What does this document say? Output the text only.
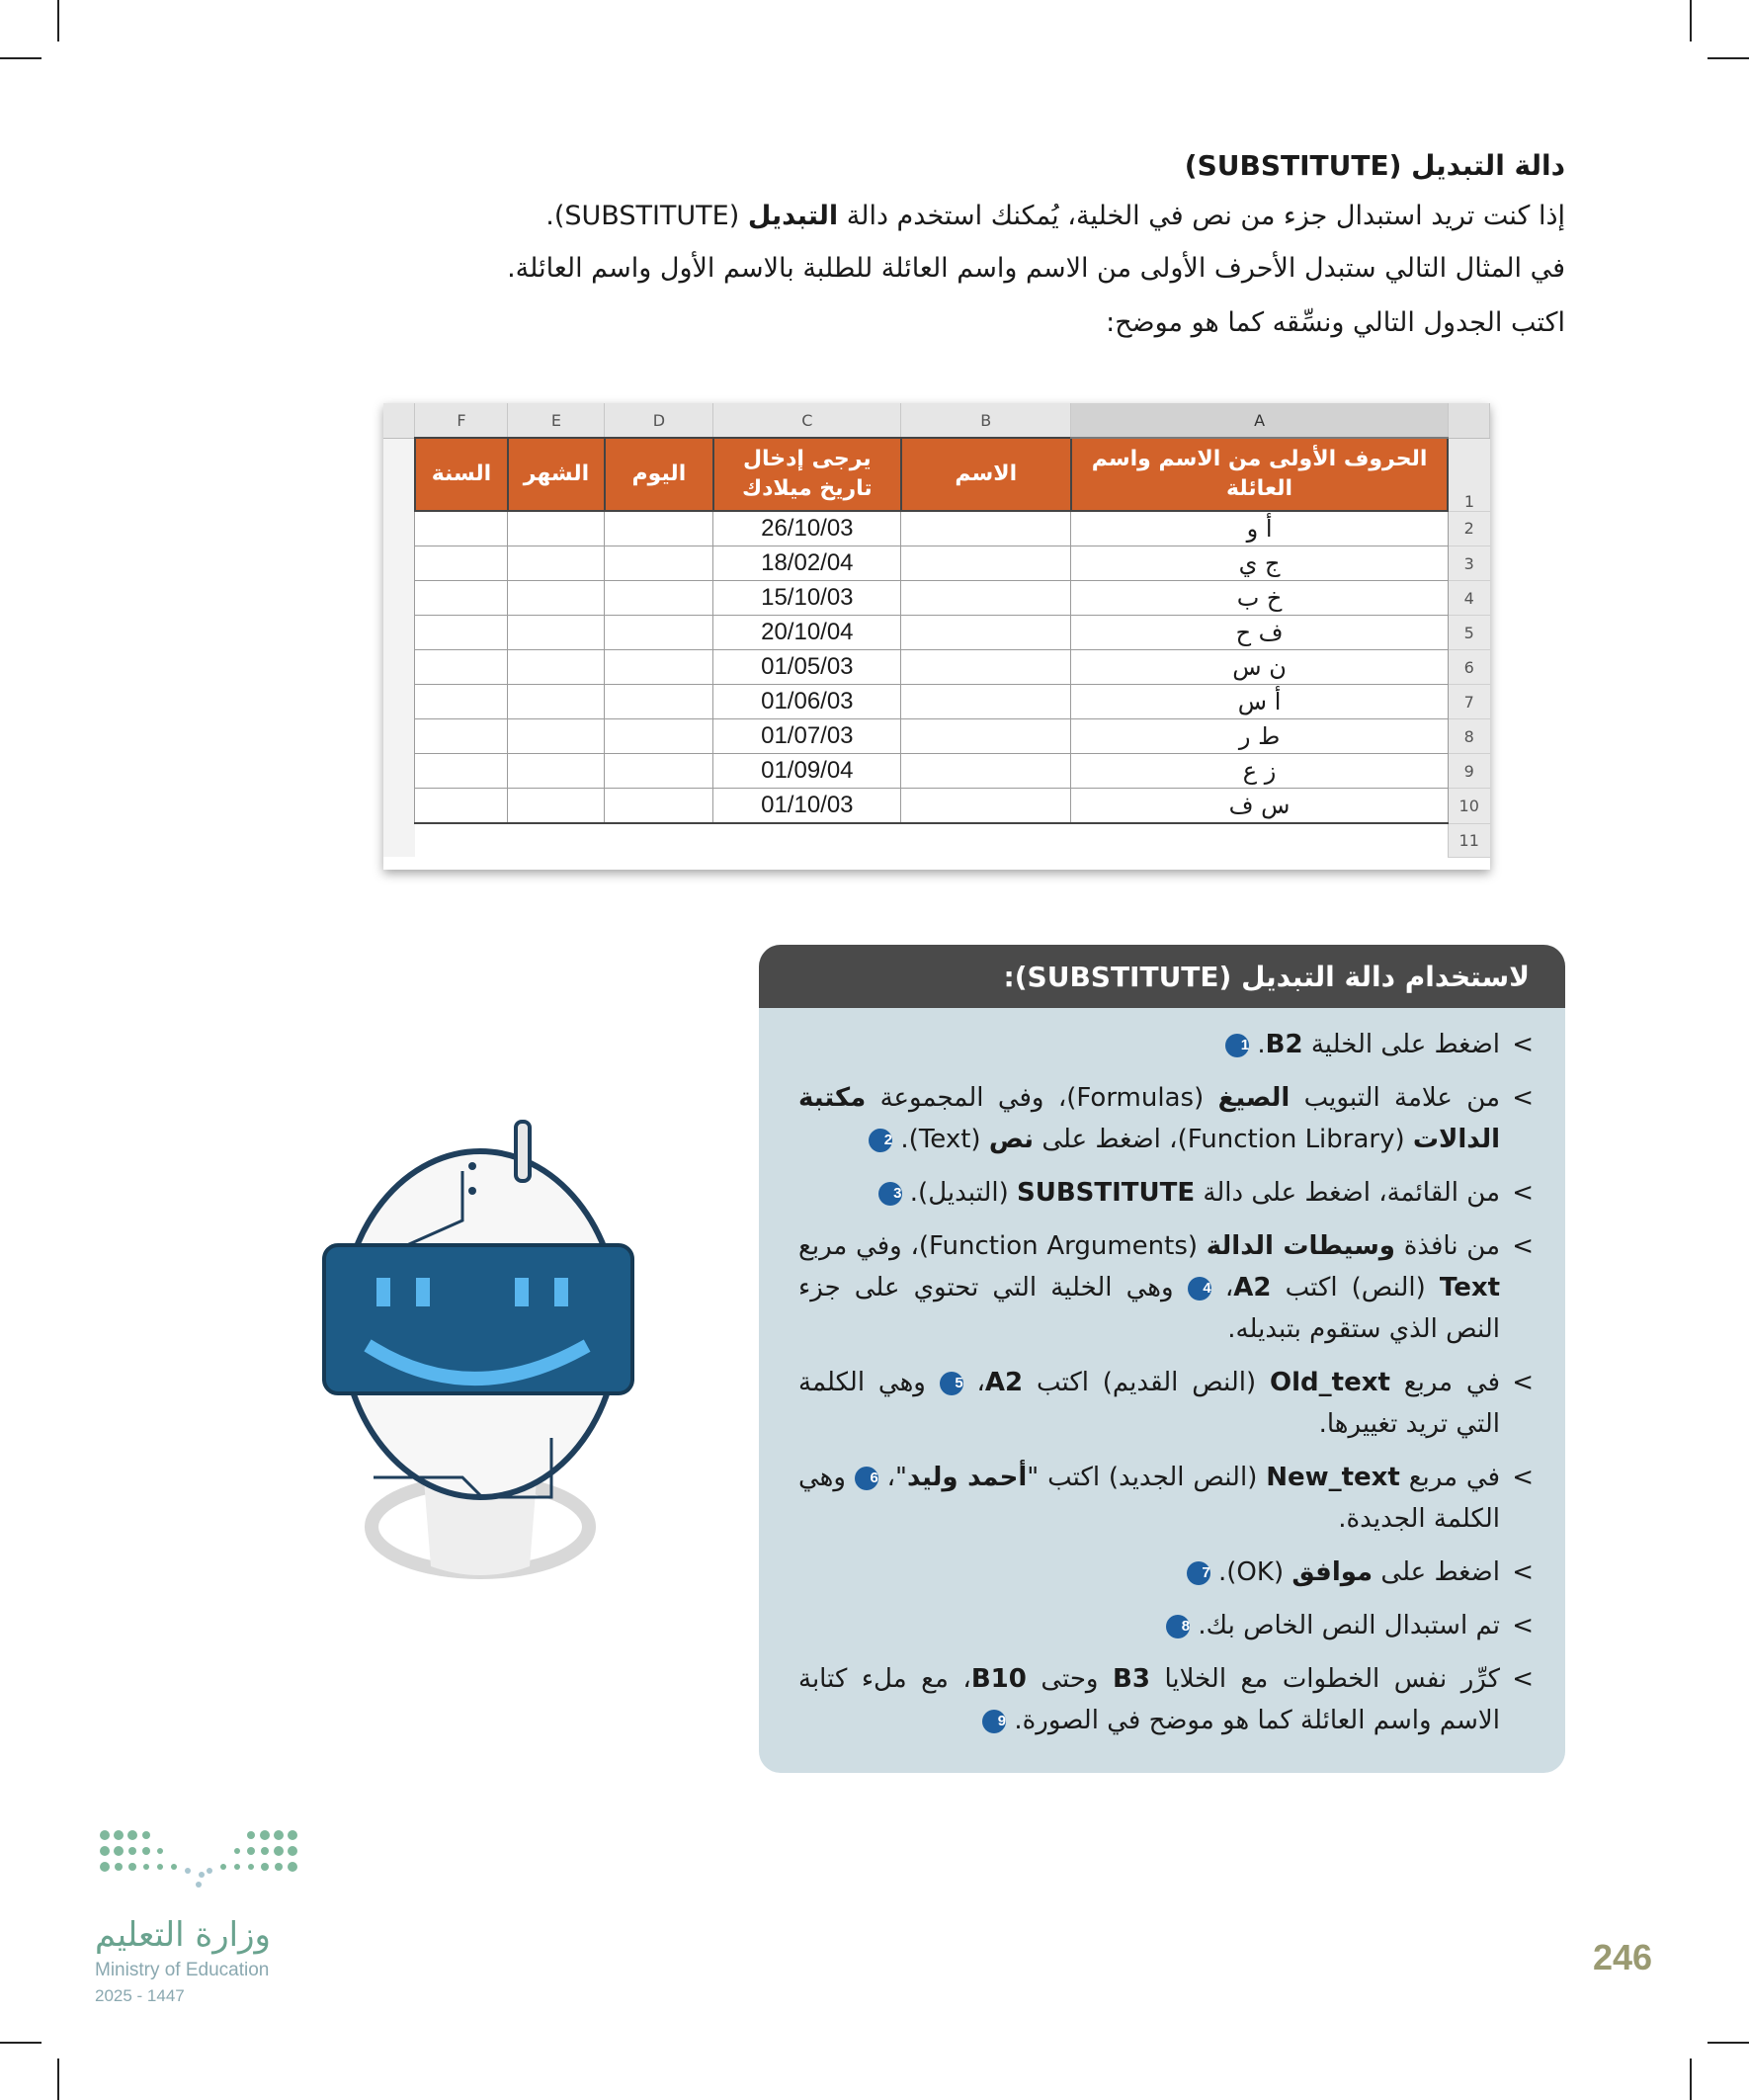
دالة التبديل (SUBSTITUTE)
إذا كنت تريد استبدال جزء من نص في الخلية، يُمكنك استخدم دالة التبديل (SUBSTITUTE).
في المثال التالي ستبدل الأحرف الأولى من الاسم واسم العائلة للطلبة بالاسم الأول واسم العائلة.
اكتب الجدول التالي ونسِّقه كما هو موضح:
	F	E	D	C	B	A	
	السنة	الشهر	اليوم	يرجى إدخال تاريخ ميلادك	الاسم	الحروف الأولى من الاسم واسم العائلة	1
				26/10/03		أ و	2
				18/02/04		ج ي	3
				15/10/03		خ ب	4
				20/10/04		ف ح	5
				01/05/03		ن س	6
				01/06/03		أ س	7
				01/07/03		ط ر	8
				01/09/04		ز ع	9
				01/10/03		س ف	10
							11
لاستخدام دالة التبديل (SUBSTITUTE):
>
اضغط على الخلية B2. 1
>
من علامة التبويب الصيغ (Formulas)، وفي المجموعة مكتبة الدالات (Function Library)، اضغط على نص (Text). 2
>
من القائمة، اضغط على دالة SUBSTITUTE (التبديل). 3
>
من نافذة وسيطات الدالة (Function Arguments)، وفي مربع Text (النص) اكتب A2، 4 وهي الخلية التي تحتوي على جزء النص الذي ستقوم بتبديله.
>
في مربع Old_text (النص القديم) اكتب A2، 5 وهي الكلمة التي تريد تغييرها.
>
في مربع New_text (النص الجديد) اكتب "أحمد وليد"، 6 وهي الكلمة الجديدة.
>
اضغط على موافق (OK). 7
>
تم استبدال النص الخاص بك. 8
>
كرِّر نفس الخطوات مع الخلايا B3 وحتى B10، مع ملء كتابة الاسم واسم العائلة كما هو موضح في الصورة. 9
وزارة التعليم
Ministry of Education
2025 - 1447
246
